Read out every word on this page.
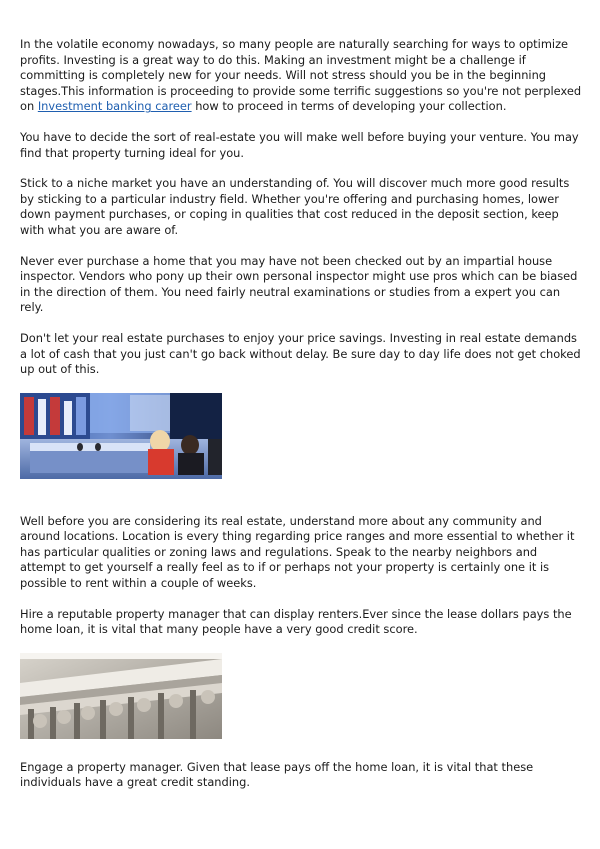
In the volatile economy nowadays, so many people are naturally searching for ways to optimize profits. Investing is a great way to do this. Making an investment might be a challenge if committing is completely new for your needs. Will not stress should you be in the beginning stages.This information is proceeding to provide some terrific suggestions so you're not perplexed on Investment banking career how to proceed in terms of developing your collection.

You have to decide the sort of real-estate you will make well before buying your venture. You may find that property turning ideal for you.

Stick to a niche market you have an understanding of. You will discover much more good results by sticking to a particular industry field. Whether you're offering and purchasing homes, lower down payment purchases, or coping in qualities that cost reduced in the deposit section, keep with what you are aware of.

Never ever purchase a home that you may have not been checked out by an impartial house inspector. Vendors who pony up their own personal inspector might use pros which can be biased in the direction of them. You need fairly neutral examinations or studies from a expert you can rely.

Don't let your real estate purchases to enjoy your price savings. Investing in real estate demands a lot of cash that you just can't go back without delay. Be sure day to day life does not get choked up out of this.

Well before you are considering its real estate, understand more about any community and around locations. Location is every thing regarding price ranges and more essential to whether it has particular qualities or zoning laws and regulations. Speak to the nearby neighbors and attempt to get yourself a really feel as to if or perhaps not your property is certainly one it is possible to rent within a couple of weeks.

Hire a reputable property manager that can display renters.Ever since the lease dollars pays the home loan, it is vital that many people have a very good credit score.

Engage a property manager. Given that lease pays off the home loan, it is vital that these individuals have a great credit standing.
